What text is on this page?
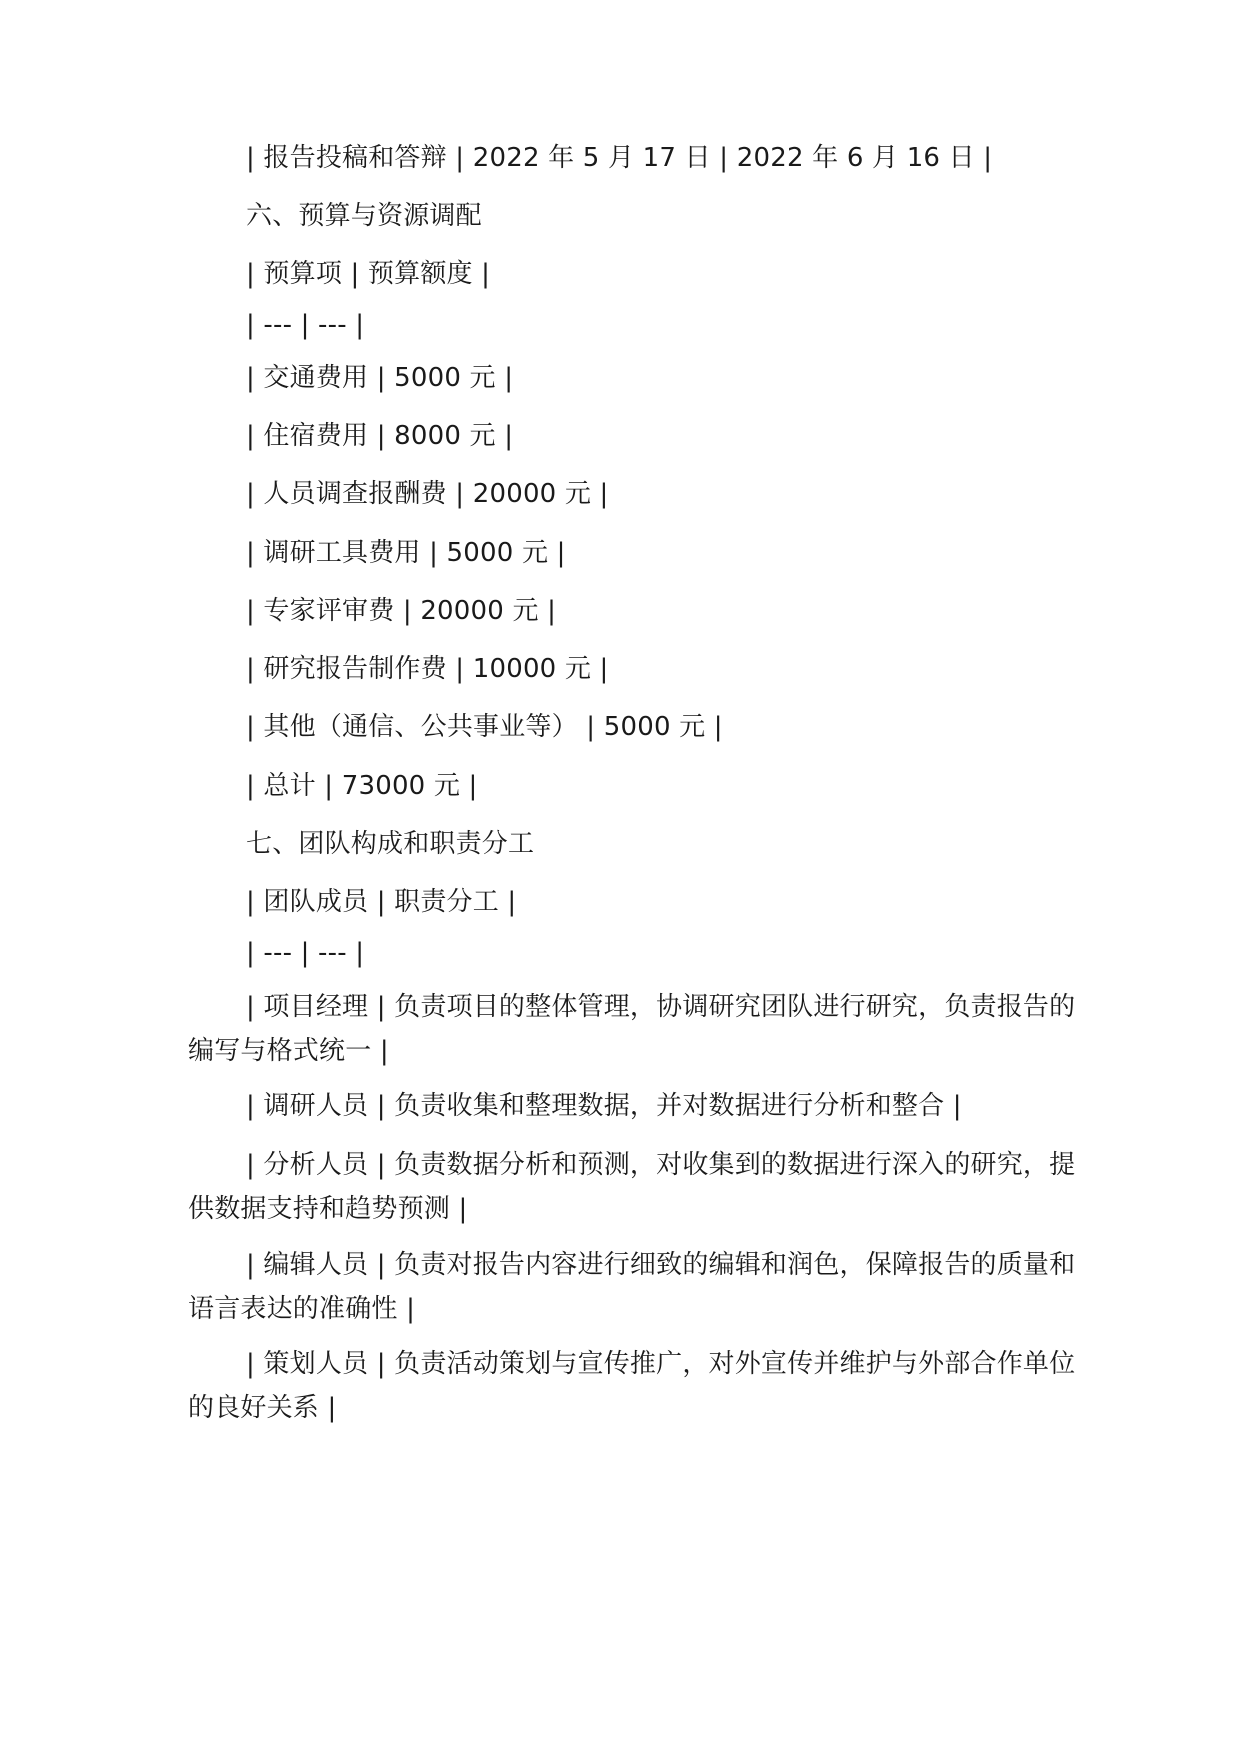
| 报告投稿和答辩 | 2022 年 5 月 17 日 | 2022 年 6 月 16 日 |
六、预算与资源调配
| 预算项 | 预算额度 |
| --- | --- |
| 交通费用 | 5000 元 |
| 住宿费用 | 8000 元 |
| 人员调查报酬费 | 20000 元 |
| 调研工具费用 | 5000 元 |
| 专家评审费 | 20000 元 |
| 研究报告制作费 | 10000 元 |
| 其他（通信、公共事业等） | 5000 元 |
| 总计 | 73000 元 |
七、团队构成和职责分工
| 团队成员 | 职责分工 |
| --- | --- |
| 项目经理 | 负责项目的整体管理，协调研究团队进行研究，负责报告的编写与格式统一 |
| 调研人员 | 负责收集和整理数据，并对数据进行分析和整合 |
| 分析人员 | 负责数据分析和预测，对收集到的数据进行深入的研究，提供数据支持和趋势预测 |
| 编辑人员 | 负责对报告内容进行细致的编辑和润色，保障报告的质量和语言表达的准确性 |
| 策划人员 | 负责活动策划与宣传推广，对外宣传并维护与外部合作单位的良好关系 |
